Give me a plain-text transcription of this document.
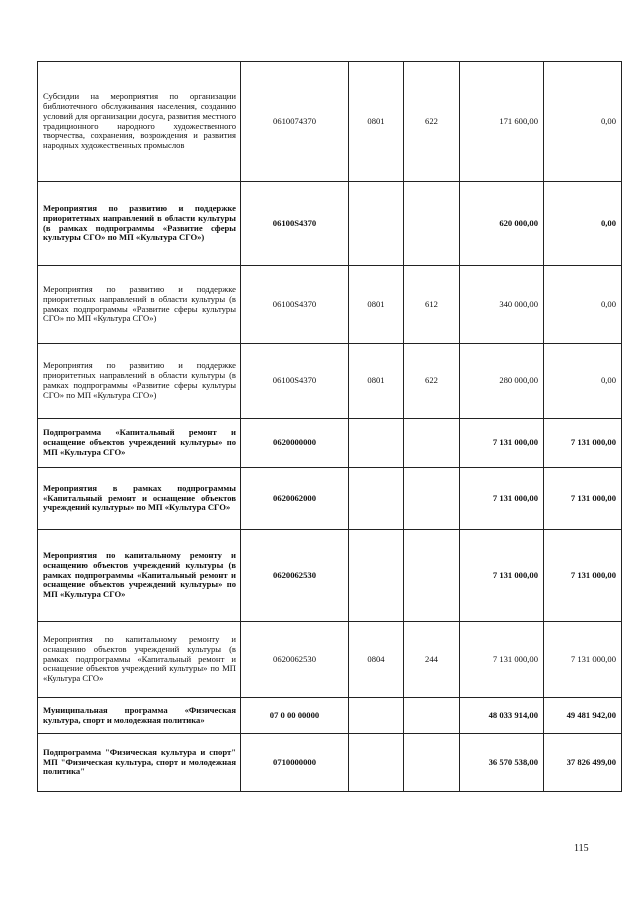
Субсидии на мероприятия по организации библиотечного обслуживания населения, созданию условий для организации досуга, развития местного традиционного народного художественного творчества, сохранения, возрождения и развития народных художественных промыслов	0610074370	0801	622	171 600,00	0,00
Мероприятия по развитию и поддержке приоритетных направлений в области культуры (в рамках подпрограммы «Развитие сферы культуры СГО» по МП «Культура СГО»)	06100S4370			620 000,00	0,00
Мероприятия по развитию и поддержке приоритетных направлений в области культуры (в рамках подпрограммы «Развитие сферы культуры СГО» по МП «Культура СГО»)	06100S4370	0801	612	340 000,00	0,00
Мероприятия по развитию и поддержке приоритетных направлений в области культуры (в рамках подпрограммы «Развитие сферы культуры СГО» по МП «Культура СГО»)	06100S4370	0801	622	280 000,00	0,00
Подпрограмма «Капитальный ремонт и оснащение объектов учреждений культуры» по МП «Культура СГО»	0620000000			7 131 000,00	7 131 000,00
Мероприятия в рамках подпрограммы «Капитальный ремонт и оснащение объектов учреждений культуры» по МП «Культура СГО»	0620062000			7 131 000,00	7 131 000,00
Мероприятия по капитальному ремонту и оснащению объектов учреждений культуры (в рамках подпрограммы «Капитальный ремонт и оснащение объектов учреждений культуры» по МП «Культура СГО»	0620062530			7 131 000,00	7 131 000,00
Мероприятия по капитальному ремонту и оснащению объектов учреждений культуры (в рамках подпрограммы «Капитальный ремонт и оснащение объектов учреждений культуры» по МП «Культура СГО»	0620062530	0804	244	7 131 000,00	7 131 000,00
Муниципальная программа «Физическая культура, спорт и молодежная политика»	07 0 00 00000			48 033 914,00	49 481 942,00
Подпрограмма "Физическая культура и спорт" МП "Физическая культура, спорт и молодежная политика"	0710000000			36 570 538,00	37 826 499,00
115
